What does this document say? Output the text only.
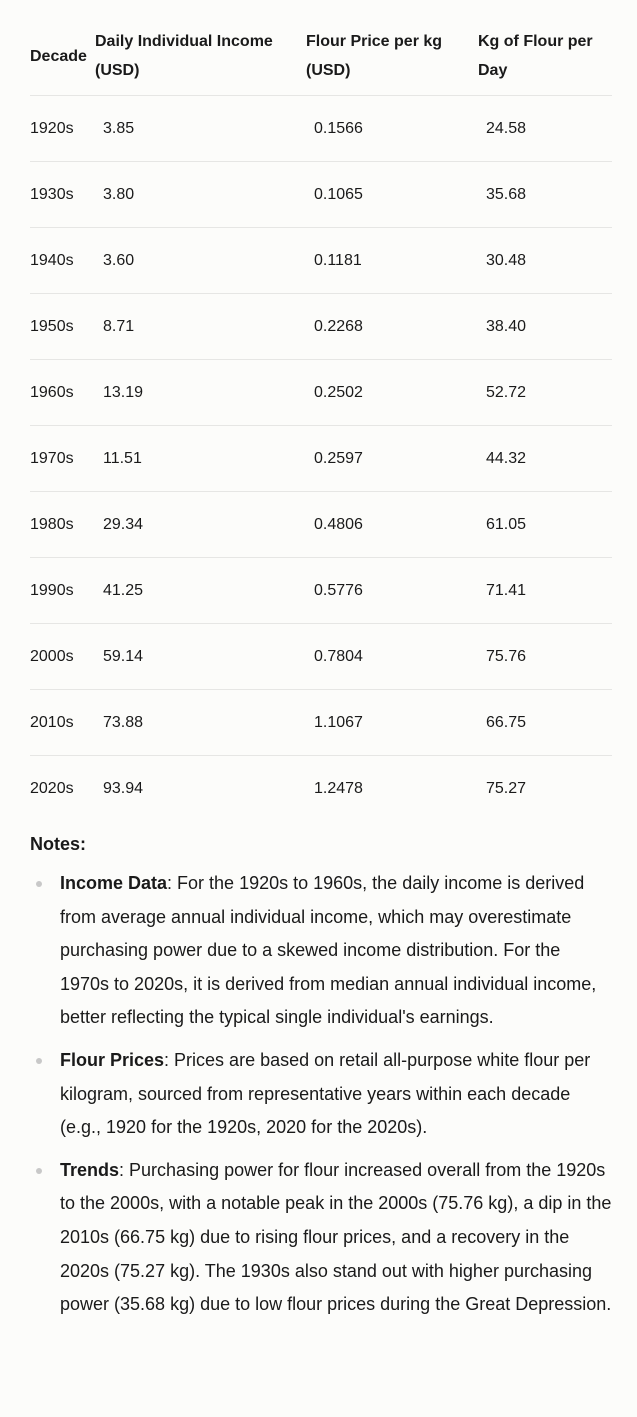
Decade	Daily Individual Income (USD)	Flour Price per kg (USD)	Kg of Flour per Day
1920s	3.85	0.1566	24.58
1930s	3.80	0.1065	35.68
1940s	3.60	0.1181	30.48
1950s	8.71	0.2268	38.40
1960s	13.19	0.2502	52.72
1970s	11.51	0.2597	44.32
1980s	29.34	0.4806	61.05
1990s	41.25	0.5776	71.41
2000s	59.14	0.7804	75.76
2010s	73.88	1.1067	66.75
2020s	93.94	1.2478	75.27
Notes:
Income Data: For the 1920s to 1960s, the daily income is derived from average annual individual income, which may overestimate purchasing power due to a skewed income distribution. For the 1970s to 2020s, it is derived from median annual individual income, better reflecting the typical single individual's earnings.
Flour Prices: Prices are based on retail all-purpose white flour per kilogram, sourced from representative years within each decade (e.g., 1920 for the 1920s, 2020 for the 2020s).
Trends: Purchasing power for flour increased overall from the 1920s to the 2000s, with a notable peak in the 2000s (75.76 kg), a dip in the 2010s (66.75 kg) due to rising flour prices, and a recovery in the 2020s (75.27 kg). The 1930s also stand out with higher purchasing power (35.68 kg) due to low flour prices during the Great Depression.
